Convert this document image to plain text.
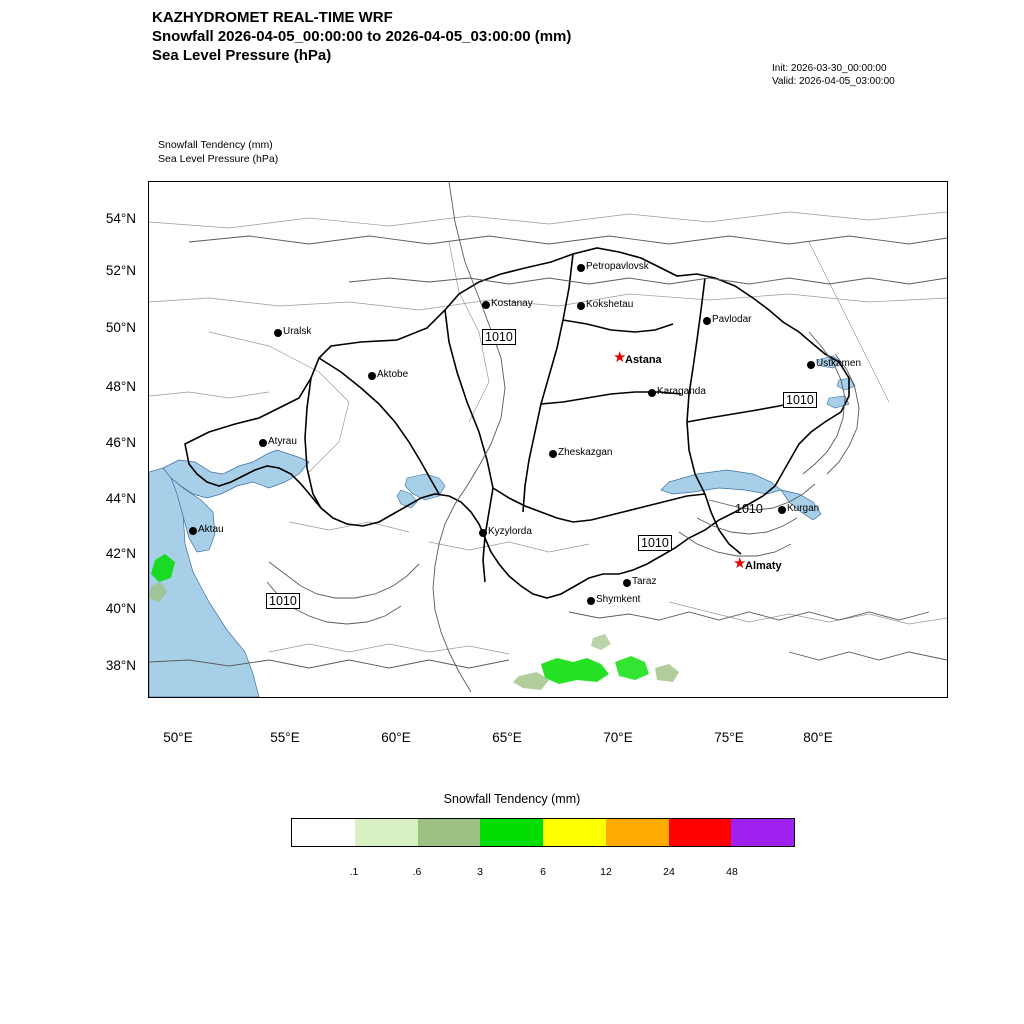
KAZHYDROMET REAL-TIME WRF
Snowfall 2026-04-05_00:00:00 to 2026-04-05_03:00:00 (mm)
Sea Level Pressure (hPa)
Init: 2026-03-30_00:00:00
Valid: 2026-04-05_03:00:00
Snowfall Tendency (mm)
Sea Level Pressure (hPa)
54°N
52°N
50°N
48°N
46°N
44°N
42°N
40°N
38°N
50°E	55°E	60°E	65°E	70°E	75°E	80°E
Petropavlovsk
Kostanay	Kokshetau
Pavlodar
Uralsk
Ustkamen
Aktobe
Karaganda
Atyrau
Zheskazgan
Kurgan
Aktau	Kyzylorda
Taraz
Shymkent
★
Astana
★
Almaty
1010
1010
1010
1010
1010
Snowfall Tendency (mm)
.1	.6	3	6	12	24	48
